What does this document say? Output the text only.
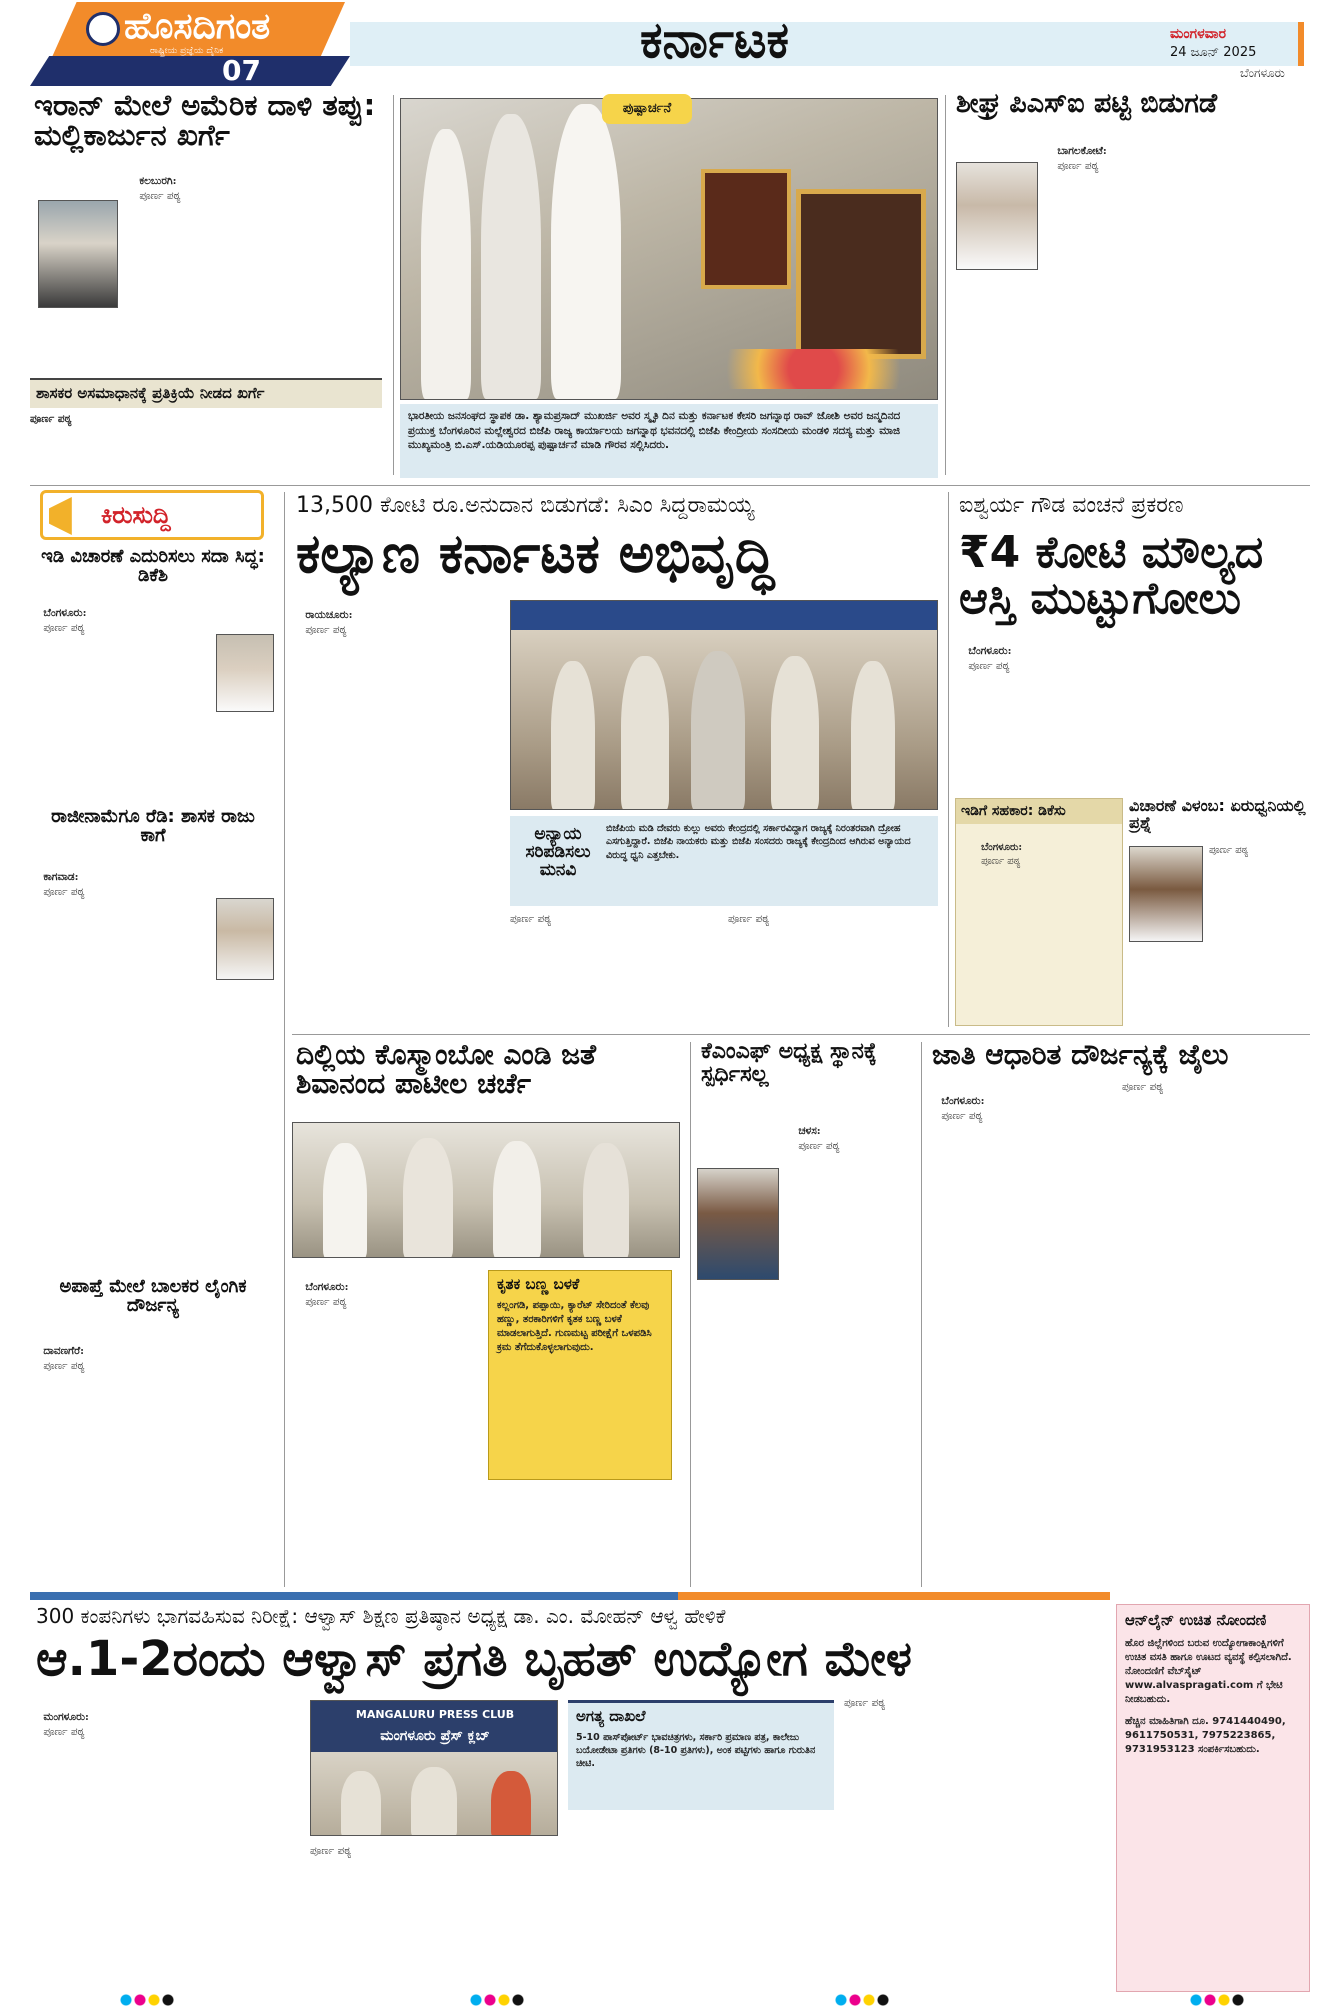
ಹೊಸದಿಗಂತ
ರಾಷ್ಟ್ರೀಯ ಪ್ರಜ್ಞೆಯ ದೈನಿಕ
07
ಕರ್ನಾಟಕ	ಮಂಗಳವಾರ
24 ಜೂನ್ 2025
ಬೆಂಗಳೂರು
ಇರಾನ್ ಮೇಲೆ ಅಮೆರಿಕ ದಾಳಿ ತಪ್ಪು: ಮಲ್ಲಿಕಾರ್ಜುನ ಖರ್ಗೆ

ಕಲಬುರಗಿ:
ಪೂರ್ಣ ಪಠ್ಯ

ಶಾಸಕರ ಅಸಮಾಧಾನಕ್ಕೆ ಪ್ರತಿಕ್ರಿಯೆ ನೀಡದ ಖರ್ಗೆ
ಪೂರ್ಣ ಪಠ್ಯ
ಪುಷ್ಪಾರ್ಚನೆ
ಭಾರತೀಯ ಜನಸಂಘದ ಸ್ಥಾಪಕ ಡಾ. ಶ್ಯಾಮಪ್ರಸಾದ್ ಮುಖರ್ಜಿ ಅವರ ಸ್ಮೃತಿ ದಿನ ಮತ್ತು ಕರ್ನಾಟಕ ಕೇಸರಿ ಜಗನ್ನಾಥ ರಾವ್ ಜೋಶಿ ಅವರ ಜನ್ಮದಿನದ ಪ್ರಯುಕ್ತ ಬೆಂಗಳೂರಿನ ಮಲ್ಲೇಶ್ವರದ ಬಿಜೆಪಿ ರಾಜ್ಯ ಕಾರ್ಯಾಲಯ ಜಗನ್ನಾಥ ಭವನದಲ್ಲಿ ಬಿಜೆಪಿ ಕೇಂದ್ರೀಯ ಸಂಸದೀಯ ಮಂಡಳಿ ಸದಸ್ಯ ಮತ್ತು ಮಾಜಿ ಮುಖ್ಯಮಂತ್ರಿ ಬಿ.ಎಸ್.ಯಡಿಯೂರಪ್ಪ ಪುಷ್ಪಾರ್ಚನೆ ಮಾಡಿ ಗೌರವ ಸಲ್ಲಿಸಿದರು.
ಶೀಘ್ರ ಪಿಎಸ್‌ಐ ಪಟ್ಟಿ ಬಿಡುಗಡೆ

ಬಾಗಲಕೋಟೆ:
ಪೂರ್ಣ ಪಠ್ಯ

ಕಿರುಸುದ್ದಿ
ಇಡಿ ವಿಚಾರಣೆ ಎದುರಿಸಲು ಸದಾ ಸಿದ್ಧ: ಡಿಕೆಶಿ

ಬೆಂಗಳೂರು:
ಪೂರ್ಣ ಪಠ್ಯ

ರಾಜೀನಾಮೆಗೂ ರೆಡಿ: ಶಾಸಕ ರಾಜು ಕಾಗೆ

ಕಾಗವಾಡ:
ಪೂರ್ಣ ಪಠ್ಯ

ಅಪಾಪ್ತೆ ಮೇಲೆ ಬಾಲಕರ ಲೈಂಗಿಕ ದೌರ್ಜನ್ಯ

ದಾವಣಗೆರೆ:
ಪೂರ್ಣ ಪಠ್ಯ

13,500 ಕೋಟಿ ರೂ.ಅನುದಾನ ಬಿಡುಗಡೆ: ಸಿಎಂ ಸಿದ್ದರಾಮಯ್ಯ
ಕಲ್ಯಾಣ ಕರ್ನಾಟಕ ಅಭಿವೃದ್ಧಿ

ರಾಯಚೂರು:
ಪೂರ್ಣ ಪಠ್ಯ

ಅನ್ಯಾಯ ಸರಿಪಡಿಸಲು ಮನವಿ
ಬಿಜೆಪಿಯ ಮಡಿ ದೇವರು ಕುಲ್ಲು ಅವರು ಕೇಂದ್ರದಲ್ಲಿ ಸರ್ಕಾರವಿದ್ದಾಗ ರಾಜ್ಯಕ್ಕೆ ನಿರಂತರವಾಗಿ ದ್ರೋಹ ಎಸಗುತ್ತಿದ್ದಾರೆ. ಬಿಜೆಪಿ ನಾಯಕರು ಮತ್ತು ಬಿಜೆಪಿ ಸಂಸದರು ರಾಜ್ಯಕ್ಕೆ ಕೇಂದ್ರದಿಂದ ಆಗಿರುವ ಅನ್ಯಾಯದ ವಿರುದ್ಧ ಧ್ವನಿ ಎತ್ತಬೇಕು.
ಪೂರ್ಣ ಪಠ್ಯ	ಪೂರ್ಣ ಪಠ್ಯ
ಐಶ್ವರ್ಯ ಗೌಡ ವಂಚನೆ ಪ್ರಕರಣ
₹4 ಕೋಟಿ ಮೌಲ್ಯದ ಆಸ್ತಿ ಮುಟ್ಟುಗೋಲು

ಬೆಂಗಳೂರು:
ಪೂರ್ಣ ಪಠ್ಯ

ಇಡಿಗೆ ಸಹಕಾರ: ಡಿಕೆಸು

ಬೆಂಗಳೂರು:
ಪೂರ್ಣ ಪಠ್ಯ

ವಿಚಾರಣೆ ವಿಳಂಬ: ಏರುಧ್ವನಿಯಲ್ಲಿ ಪ್ರಶ್ನೆ
ಪೂರ್ಣ ಪಠ್ಯ
ದಿಲ್ಲಿಯ ಕೊಸ್ಮಾಂಬೋ ಎಂಡಿ ಜತೆ ಶಿವಾನಂದ ಪಾಟೀಲ ಚರ್ಚೆ

ಬೆಂಗಳೂರು:
ಪೂರ್ಣ ಪಠ್ಯ

ಕೃತಕ ಬಣ್ಣ ಬಳಕೆ
ಕಲ್ಲಂಗಡಿ, ಪಪ್ಪಾಯಿ, ಕ್ಯಾರೆಟ್ ಸೇರಿದಂತೆ ಕೆಲವು ಹಣ್ಣು, ತರಕಾರಿಗಳಿಗೆ ಕೃತಕ ಬಣ್ಣ ಬಳಕೆ ಮಾಡಲಾಗುತ್ತಿದೆ. ಗುಣಮಟ್ಟ ಪರೀಕ್ಷೆಗೆ ಒಳಪಡಿಸಿ ಕ್ರಮ ತೆಗೆದುಕೊಳ್ಳಲಾಗುವುದು.
ಕೆಎಂಎಫ್ ಅಧ್ಯಕ್ಷ ಸ್ಥಾನಕ್ಕೆ ಸ್ಪರ್ಧಿಸಲ್ಲ

ಚಳಸ:
ಪೂರ್ಣ ಪಠ್ಯ

ಜಾತಿ ಆಧಾರಿತ ದೌರ್ಜನ್ಯಕ್ಕೆ ಜೈಲು

ಬೆಂಗಳೂರು:
ಪೂರ್ಣ ಪಠ್ಯ

ಪೂರ್ಣ ಪಠ್ಯ
300 ಕಂಪನಿಗಳು ಭಾಗವಹಿಸುವ ನಿರೀಕ್ಷೆ: ಆಳ್ವಾಸ್ ಶಿಕ್ಷಣ ಪ್ರತಿಷ್ಠಾನ ಅಧ್ಯಕ್ಷ ಡಾ. ಎಂ. ಮೋಹನ್ ಆಳ್ವ ಹೇಳಿಕೆ
ಆ.1-2ರಂದು ಆಳ್ವಾಸ್ ಪ್ರಗತಿ ಬೃಹತ್ ಉದ್ಯೋಗ ಮೇಳ

ಮಂಗಳೂರು:
ಪೂರ್ಣ ಪಠ್ಯ

MANGALURU PRESS CLUB
ಮಂಗಳೂರು ಪ್ರೆಸ್ ಕ್ಲಬ್
ಪೂರ್ಣ ಪಠ್ಯ
ಪೂರ್ಣ ಪಠ್ಯ
ಅಗತ್ಯ ದಾಖಲೆ
5-10 ಪಾಸ್‌ಪೋರ್ಟ್ ಭಾವಚಿತ್ರಗಳು, ಸರ್ಕಾರಿ ಪ್ರಮಾಣ ಪತ್ರ, ಕಾಲೇಜು ಬಯೋಡೇಟಾ ಪ್ರತಿಗಳು (8-10 ಪ್ರತಿಗಳು), ಅಂಕ ಪಟ್ಟಿಗಳು ಹಾಗೂ ಗುರುತಿನ ಚೀಟಿ.
ಆನ್‌ಲೈನ್ ಉಚಿತ ನೋಂದಣಿ
ಹೊರ ಜಿಲ್ಲೆಗಳಿಂದ ಬರುವ ಉದ್ಯೋಗಾಕಾಂಕ್ಷಿಗಳಿಗೆ ಉಚಿತ ವಸತಿ ಹಾಗೂ ಊಟದ ವ್ಯವಸ್ಥೆ ಕಲ್ಪಿಸಲಾಗಿದೆ. ನೋಂದಣಿಗೆ ವೆಬ್‌ಸೈಟ್ www.alvaspragati.com ಗೆ ಭೇಟಿ ನೀಡಬಹುದು.
ಹೆಚ್ಚಿನ ಮಾಹಿತಿಗಾಗಿ ದೂ. 9741440490, 9611750531, 7975223865, 9731953123 ಸಂಪರ್ಕಿಸಬಹುದು.
